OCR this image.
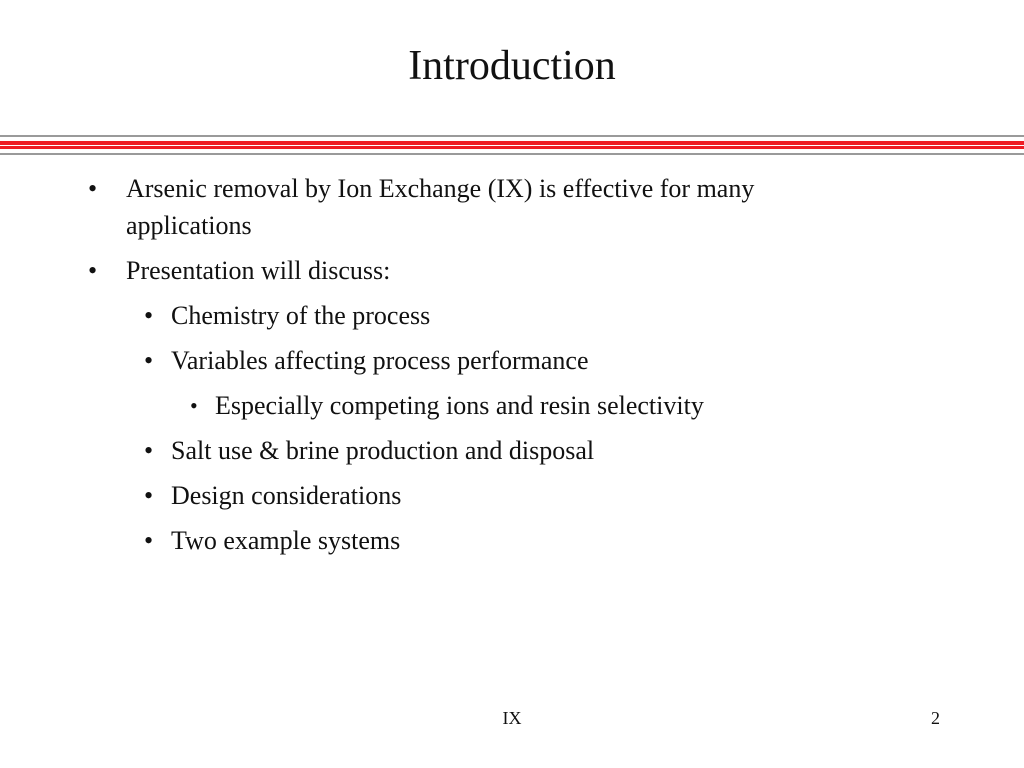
Introduction
•	Arsenic removal by Ion Exchange (IX) is effective for many applications
•	Presentation will discuss:
• Chemistry of the process
• Variables affecting process performance
• Especially competing ions and resin selectivity
• Salt use & brine production and disposal
• Design considerations
• Two example systems
IX	2
